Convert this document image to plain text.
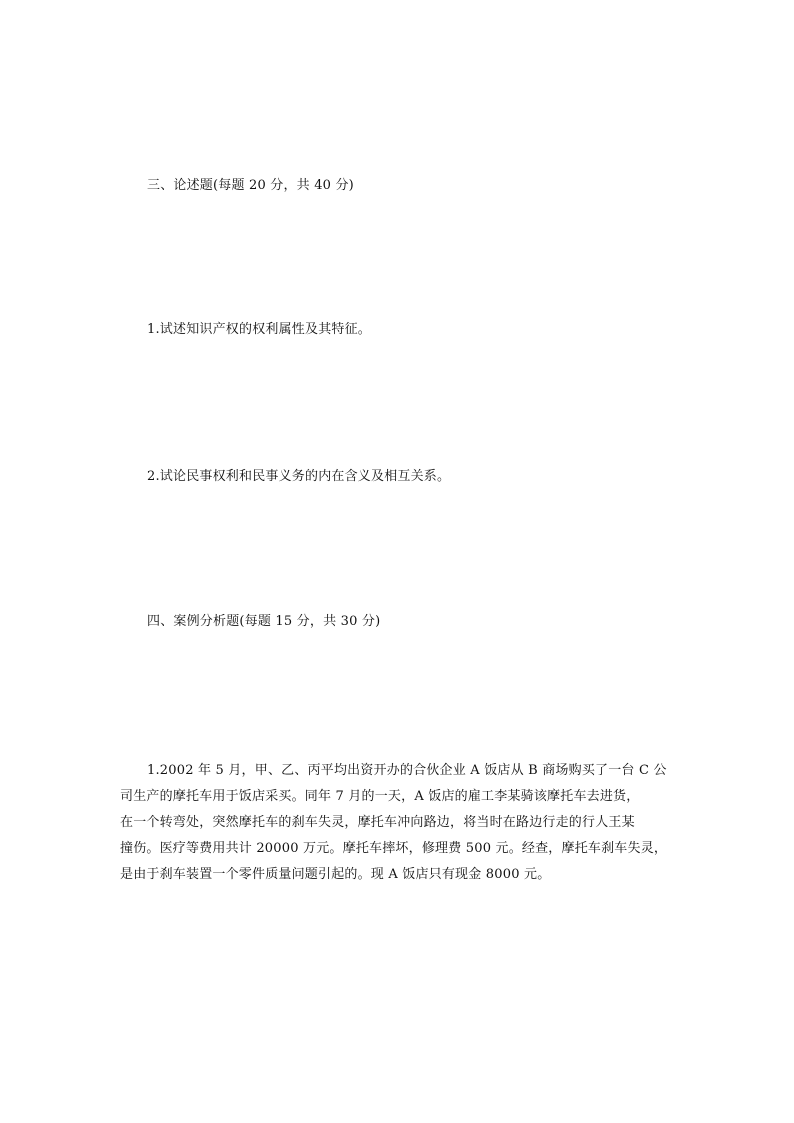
三、论述题(每题 20 分，共 40 分)
1.试述知识产权的权利属性及其特征。
2.试论民事权利和民事义务的内在含义及相互关系。
四、案例分析题(每题 15 分，共 30 分)
1.2002 年 5 月，甲、乙、丙平均出资开办的合伙企业 A 饭店从 B 商场购买了一台 C 公
司生产的摩托车用于饭店采买。同年 7 月的一天，A 饭店的雇工李某骑该摩托车去进货，
在一个转弯处，突然摩托车的刹车失灵，摩托车冲向路边，将当时在路边行走的行人王某
撞伤。医疗等费用共计 20000 万元。摩托车摔坏，修理费 500 元。经查，摩托车刹车失灵，
是由于刹车装置一个零件质量问题引起的。现 A 饭店只有现金 8000 元。
